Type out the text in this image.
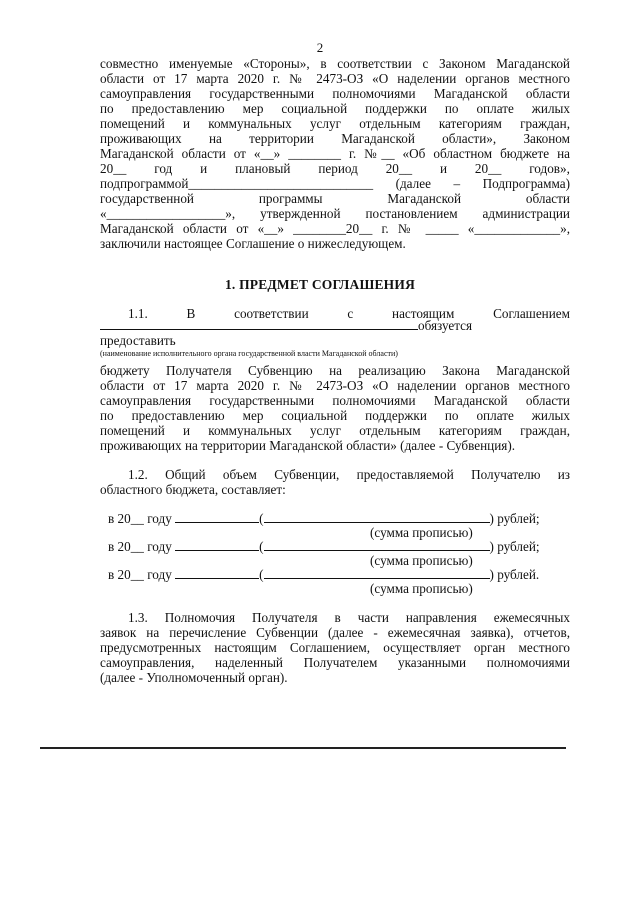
2
совместно именуемые «Стороны», в соответствии с Законом Магаданской
области от 17 марта 2020 г. № 2473-ОЗ «О наделении органов местного
самоуправления государственными полномочиями Магаданской области
по предоставлению мер социальной поддержки по оплате жилых
помещений и коммунальных услуг отдельным категориям граждан,
проживающих на территории Магаданской области», Законом
Магаданской области от «__» ________ г. №__ «Об областном бюджете на
20__ год и плановый период 20__ и 20__ годов»,
подпрограммой____________________________ (далее – Подпрограмма)
государственной	программы	Магаданской	области
«__________________», утвержденной постановлением администрации
Магаданской области от «__» ________20__ г. № _____ «_____________»,
заключили настоящее Соглашение о нижеследующем.
1. ПРЕДМЕТ СОГЛАШЕНИЯ
1.1.	В	соответствии	с	настоящим	Соглашением
обязуется
предоставить
(наименование исполнительного органа государственной власти Магаданской области)
бюджету Получателя Субвенцию на реализацию Закона Магаданской
области от 17 марта 2020 г. № 2473-ОЗ «О наделении органов местного
самоуправления государственными полномочиями Магаданской области
по предоставлению мер социальной поддержки по оплате жилых
помещений и коммунальных услуг отдельным категориям граждан,
проживающих на территории Магаданской области» (далее - Субвенция).
1.2. Общий объем Субвенции, предоставляемой Получателю из
областного бюджета, составляет:
в 20__ году	(	) рублей;
(сумма прописью)
в 20__ году	(	) рублей;
(сумма прописью)
в 20__ году	(	) рублей.
(сумма прописью)
1.3. Полномочия Получателя в части направления ежемесячных
заявок на перечисление Субвенции (далее - ежемесячная заявка), отчетов,
предусмотренных настоящим Соглашением, осуществляет орган местного
самоуправления, наделенный Получателем указанными полномочиями
(далее - Уполномоченный орган).
